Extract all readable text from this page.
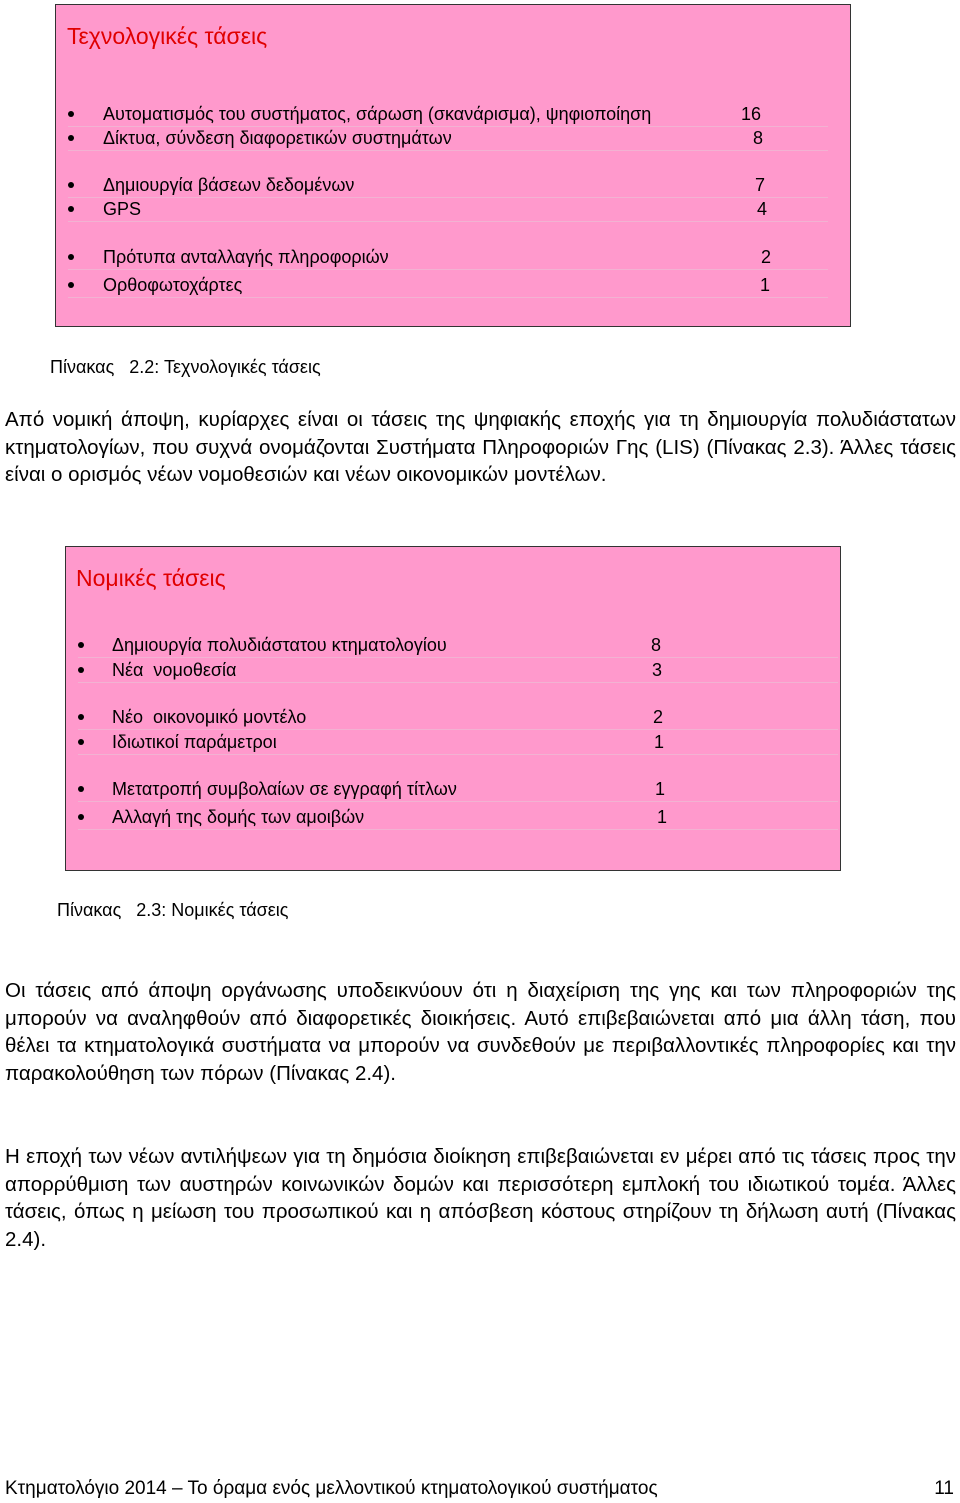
Τεχνολογικές τάσεις
Αυτοματισμός του συστήματος, σάρωση (σκανάρισμα), ψηφιοποίηση	16
Δίκτυα, σύνδεση διαφορετικών συστημάτων	8
Δημιουργία βάσεων δεδομένων	7
GPS	4
Πρότυπα ανταλλαγής πληροφοριών	2
Ορθοφωτοχάρτες	1
Πίνακας   2.2: Τεχνολογικές τάσεις

Από νομική άποψη, κυρίαρχες είναι οι τάσεις της ψηφιακής εποχής για τη δημιουργία πολυδιάστατων κτηματολογίων, που συχνά ονομάζονται Συστήματα Πληροφοριών Γης (LIS) (Πίνακας 2.3). Άλλες τάσεις είναι ο ορισμός νέων νομοθεσιών και νέων οικονομικών μοντέλων.

Νομικές τάσεις
Δημιουργία πολυδιάστατου κτηματολογίου	8
Νέα  νομοθεσία	3
Νέο  οικονομικό μοντέλο	2
Ιδιωτικοί παράμετροι	1
Μετατροπή συμβολαίων σε εγγραφή τίτλων	1
Αλλαγή της δομής των αμοιβών	1
Πίνακας   2.3: Νομικές τάσεις

Οι τάσεις από άποψη οργάνωσης υποδεικνύουν ότι η διαχείριση της γης και των πληροφοριών της μπορούν να αναληφθούν από διαφορετικές διοικήσεις. Αυτό επιβεβαιώνεται από μια άλλη τάση, που θέλει τα κτηματολογικά συστήματα να μπορούν να συνδεθούν με περιβαλλοντικές πληροφορίες και την παρακολούθηση των πόρων (Πίνακας 2.4).

Η εποχή των νέων αντιλήψεων για τη δημόσια διοίκηση επιβεβαιώνεται εν μέρει από τις τάσεις προς την απορρύθμιση των αυστηρών κοινωνικών δομών και περισσότερη εμπλοκή του ιδιωτικού τομέα. Άλλες τάσεις, όπως η μείωση του προσωπικού και η απόσβεση κόστους στηρίζουν τη δήλωση αυτή (Πίνακας 2.4).

Κτηματολόγιο 2014 – Το όραμα ενός μελλοντικού κτηματολογικού συστήματος	11
